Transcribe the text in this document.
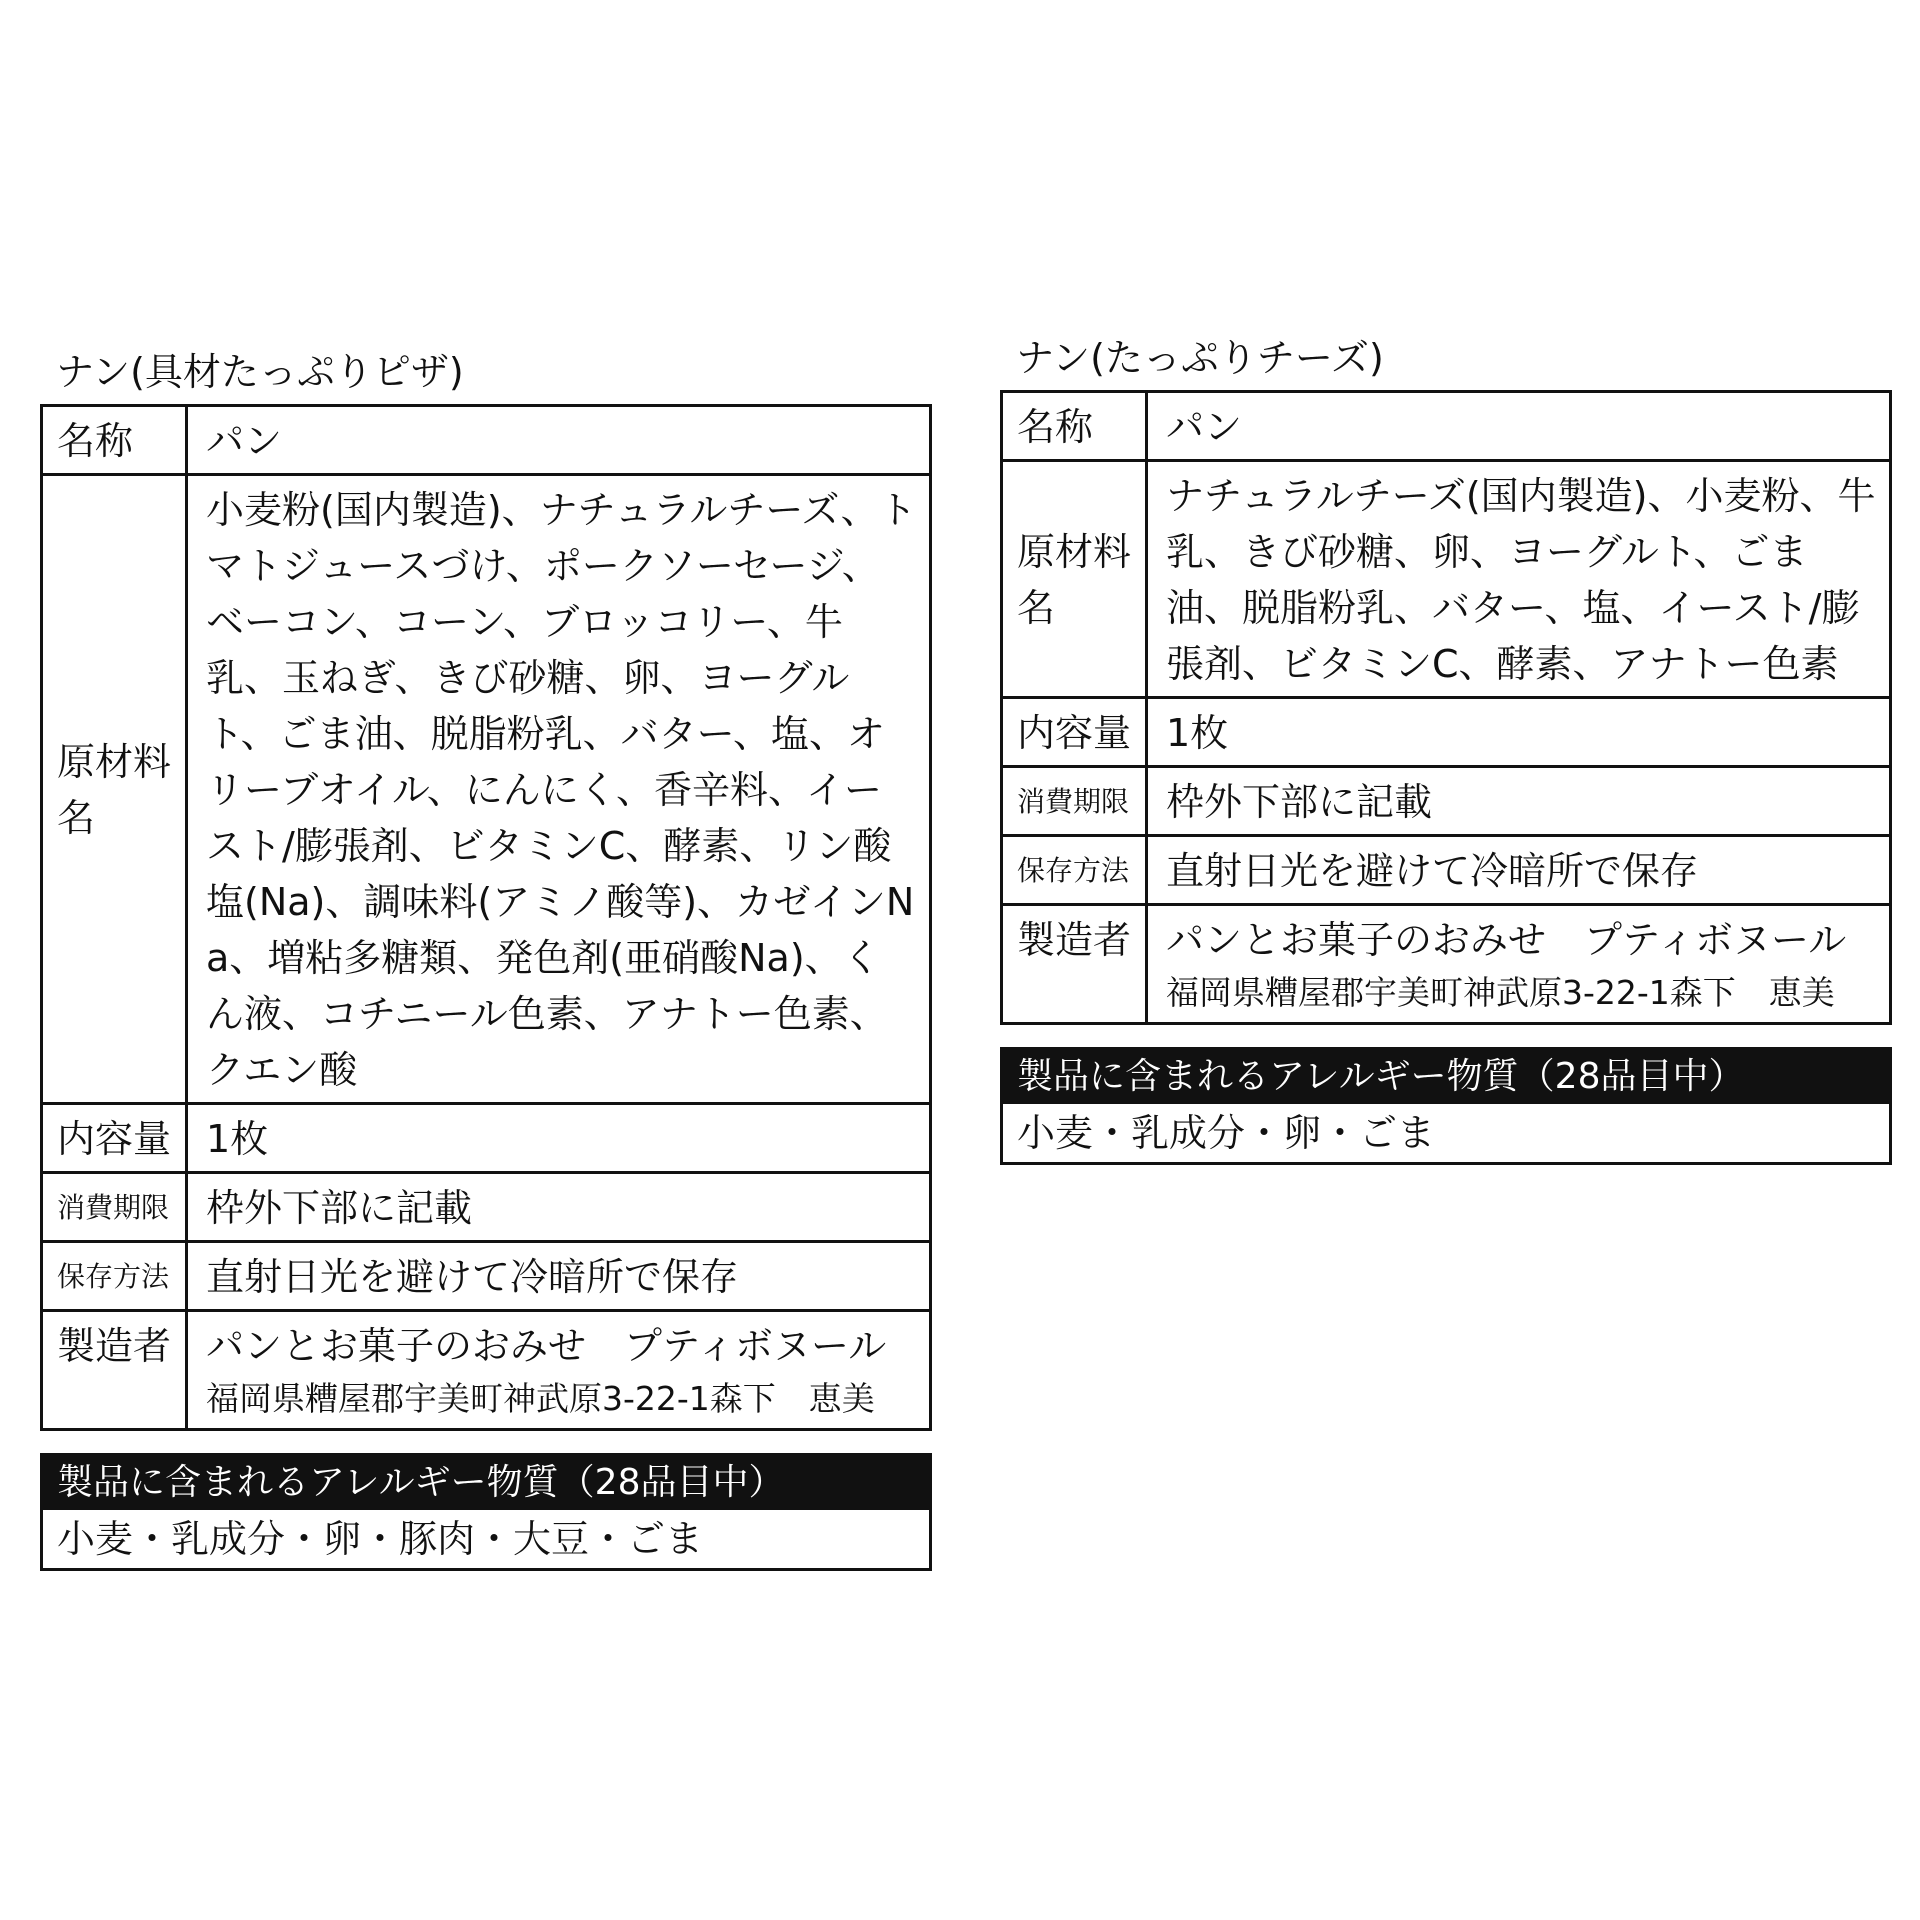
ナン(具材たっぷりピザ)
名称	パン
原材料名	小麦粉(国内製造)、ナチュラルチーズ、トマトジュースづけ、ポークソーセージ、ベーコン、コーン、ブロッコリー、牛乳、玉ねぎ、きび砂糖、卵、ヨーグルト、ごま油、脱脂粉乳、バター、塩、オリーブオイル、にんにく、香辛料、イースト/膨張剤、ビタミンC、酵素、リン酸塩(Na)、調味料(アミノ酸等)、カゼインNa、増粘多糖類、発色剤(亜硝酸Na)、くん液、コチニール色素、アナトー色素、クエン酸
内容量	1枚
消費期限	枠外下部に記載
保存方法	直射日光を避けて冷暗所で保存
製造者	パンとお菓子のおみせ　プティボヌール
福岡県糟屋郡宇美町神武原3-22-1森下　恵美
製品に含まれるアレルギー物質（28品目中）
小麦・乳成分・卵・豚肉・大豆・ごま
ナン(たっぷりチーズ)
名称	パン
原材料名	ナチュラルチーズ(国内製造)、小麦粉、牛乳、きび砂糖、卵、ヨーグルト、ごま油、脱脂粉乳、バター、塩、イースト/膨張剤、ビタミンC、酵素、アナトー色素
内容量	1枚
消費期限	枠外下部に記載
保存方法	直射日光を避けて冷暗所で保存
製造者	パンとお菓子のおみせ　プティボヌール
福岡県糟屋郡宇美町神武原3-22-1森下　恵美
製品に含まれるアレルギー物質（28品目中）
小麦・乳成分・卵・ごま
